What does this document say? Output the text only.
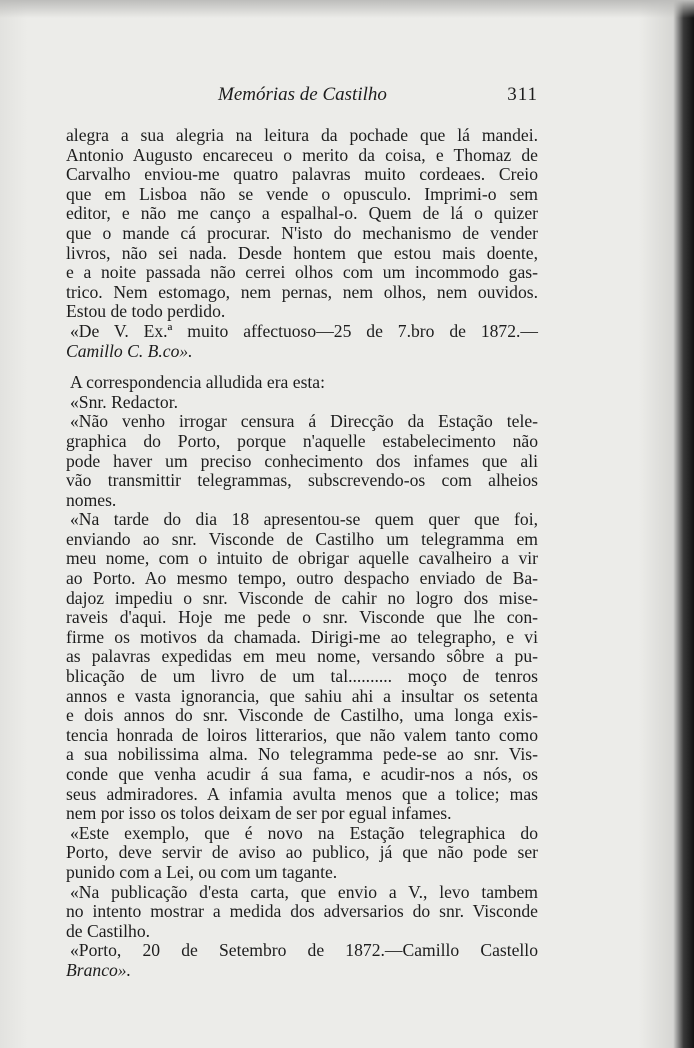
Memórias de Castilho	311
alegra a sua alegria na leitura da pochade que lá mandei.
Antonio Augusto encareceu o merito da coisa, e Thomaz de
Carvalho enviou-me quatro palavras muito cordeaes. Creio
que em Lisboa não se vende o opusculo. Imprimi-o sem
editor, e não me canço a espalhal-o. Quem de lá o quizer
que o mande cá procurar. N'isto do mechanismo de vender
livros, não sei nada. Desde hontem que estou mais doente,
e a noite passada não cerrei olhos com um incommodo gas-
trico. Nem estomago, nem pernas, nem olhos, nem ouvidos.
Estou de todo perdido.
«De V. Ex.ª muito affectuoso—25 de 7.bro de 1872.—
Camillo C. B.co».
A correspondencia alludida era esta:
«Snr. Redactor.
«Não venho irrogar censura á Direcção da Estação tele-
graphica do Porto, porque n'aquelle estabelecimento não
pode haver um preciso conhecimento dos infames que ali
vão transmittir telegrammas, subscrevendo-os com alheios
nomes.
«Na tarde do dia 18 apresentou-se quem quer que foi,
enviando ao snr. Visconde de Castilho um telegramma em
meu nome, com o intuito de obrigar aquelle cavalheiro a vir
ao Porto. Ao mesmo tempo, outro despacho enviado de Ba-
dajoz impediu o snr. Visconde de cahir no logro dos mise-
raveis d'aqui. Hoje me pede o snr. Visconde que lhe con-
firme os motivos da chamada. Dirigi-me ao telegrapho, e vi
as palavras expedidas em meu nome, versando sôbre a pu-
blicação de um livro de um tal.......... moço de tenros
annos e vasta ignorancia, que sahiu ahi a insultar os setenta
e dois annos do snr. Visconde de Castilho, uma longa exis-
tencia honrada de loiros litterarios, que não valem tanto como
a sua nobilissima alma. No telegramma pede-se ao snr. Vis-
conde que venha acudir á sua fama, e acudir-nos a nós, os
seus admiradores. A infamia avulta menos que a tolice; mas
nem por isso os tolos deixam de ser por egual infames.
«Este exemplo, que é novo na Estação telegraphica do
Porto, deve servir de aviso ao publico, já que não pode ser
punido com a Lei, ou com um tagante.
«Na publicação d'esta carta, que envio a V., levo tambem
no intento mostrar a medida dos adversarios do snr. Visconde
de Castilho.
«Porto, 20 de Setembro de 1872.—Camillo Castello
Branco».
